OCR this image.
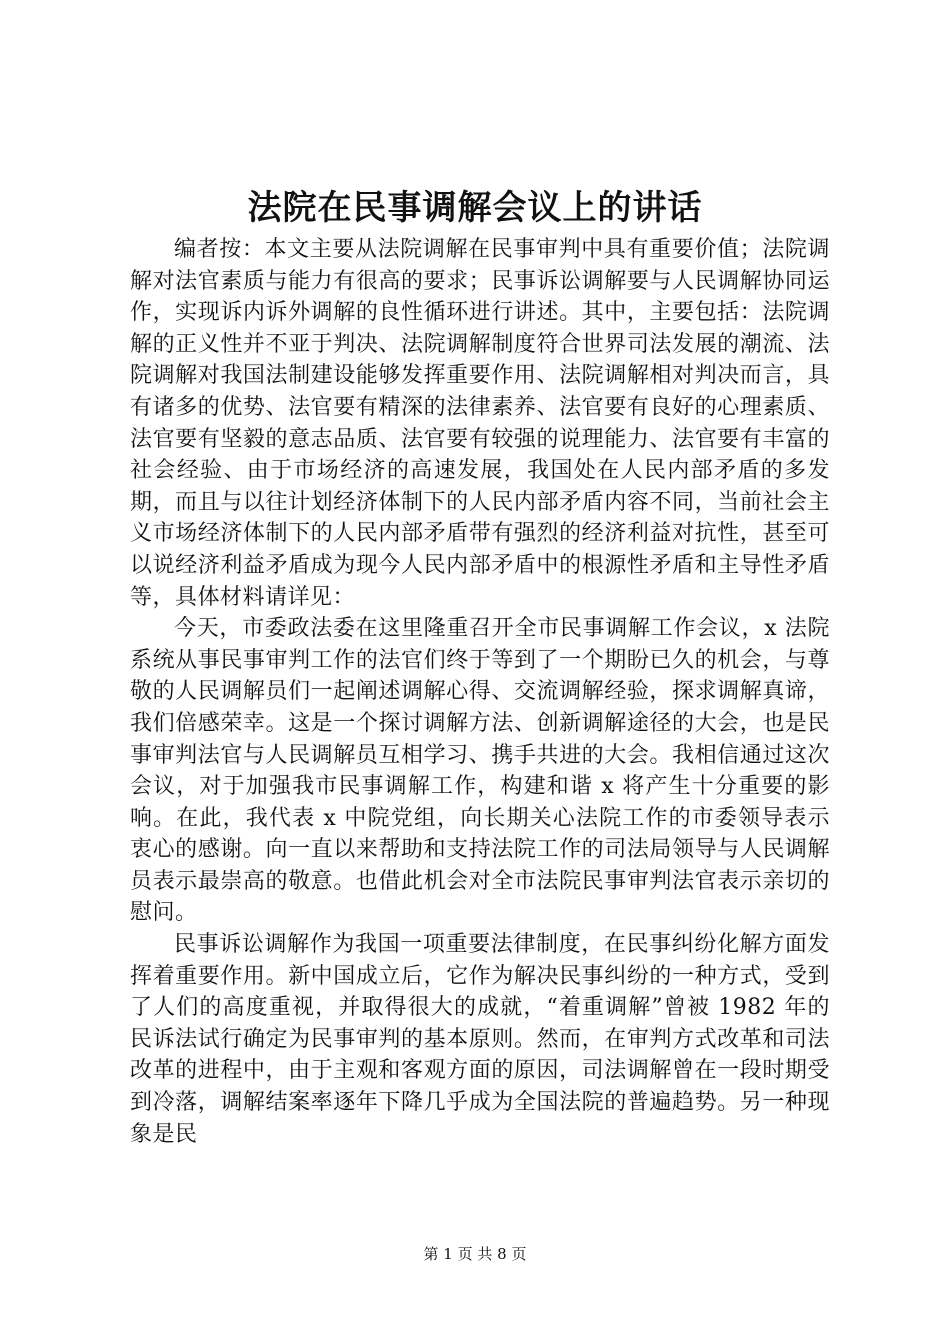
法院在民事调解会议上的讲话

编者按：本文主要从法院调解在民事审判中具有重要价值；法院调解对法官素质与能力有很高的要求；民事诉讼调解要与人民调解协同运作，实现诉内诉外调解的良性循环进行讲述。其中，主要包括：法院调解的正义性并不亚于判决、法院调解制度符合世界司法发展的潮流、法院调解对我国法制建设能够发挥重要作用、法院调解相对判决而言，具有诸多的优势、法官要有精深的法律素养、法官要有良好的心理素质、法官要有坚毅的意志品质、法官要有较强的说理能力、法官要有丰富的社会经验、由于市场经济的高速发展，我国处在人民内部矛盾的多发期，而且与以往计划经济体制下的人民内部矛盾内容不同，当前社会主义市场经济体制下的人民内部矛盾带有强烈的经济利益对抗性，甚至可以说经济利益矛盾成为现今人民内部矛盾中的根源性矛盾和主导性矛盾等，具体材料请详见：

今天，市委政法委在这里隆重召开全市民事调解工作会议，x 法院系统从事民事审判工作的法官们终于等到了一个期盼已久的机会，与尊敬的人民调解员们一起阐述调解心得、交流调解经验，探求调解真谛，我们倍感荣幸。这是一个探讨调解方法、创新调解途径的大会，也是民事审判法官与人民调解员互相学习、携手共进的大会。我相信通过这次会议，对于加强我市民事调解工作，构建和谐 x 将产生十分重要的影响。在此，我代表 x 中院党组，向长期关心法院工作的市委领导表示衷心的感谢。向一直以来帮助和支持法院工作的司法局领导与人民调解员表示最崇高的敬意。也借此机会对全市法院民事审判法官表示亲切的慰问。

民事诉讼调解作为我国一项重要法律制度，在民事纠纷化解方面发挥着重要作用。新中国成立后，它作为解决民事纠纷的一种方式，受到了人们的高度重视，并取得很大的成就，“着重调解”曾被 1982 年的民诉法试行确定为民事审判的基本原则。然而，在审判方式改革和司法改革的进程中，由于主观和客观方面的原因，司法调解曾在一段时期受到冷落，调解结案率逐年下降几乎成为全国法院的普遍趋势。另一种现象是民

第 1 页 共 8 页
